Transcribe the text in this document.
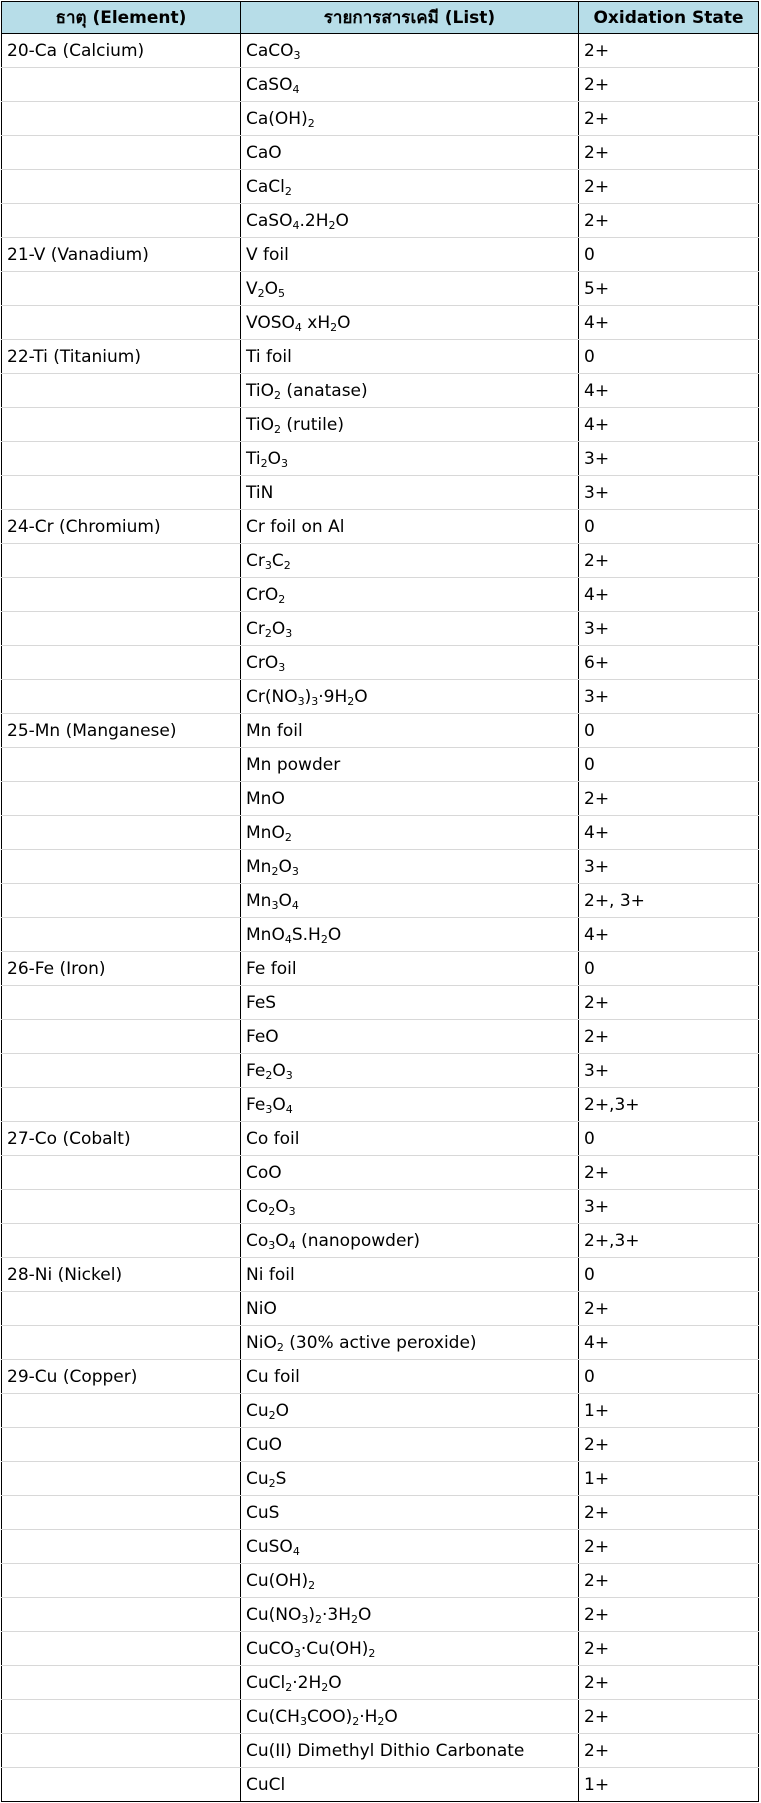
ธาตุ (Element)	รายการสารเคมี (List)	Oxidation State
20-Ca (Calcium)	CaCO$_3$	2+
	CaSO$_4$	2+
	$Ca(OH)_2$	2+
	CaO	2+
	CaCl$_2$	2+
	$CaSO_4.2H_2O$	2+
21-V (Vanadium)	V foil	0
	$V_2O_5$	5+
	$VOSO_4$ $xH_2O$	4+
22-Ti (Titanium)	Ti foil	0
	TiO$_2$ (anatase)	4+
	TiO$_2$ (rutile)	4+
	$Ti_2O_3$	3+
	TiN	3+
24-Cr (Chromium)	Cr foil on Al	0
	$Cr_3C_2$	2+
	CrO$_2$	4+
	$Cr_2O_3$	3+
	CrO$_3$	6+
	$Cr(NO_3)_3\cdot 9H_2O$	3+
25-Mn (Manganese)	Mn foil	0
	Mn powder	0
	MnO	2+
	MnO$_2$	4+
	$Mn_2O_3$	3+
	$Mn_3O_4$	2+, 3+
	$MnO_4S.H_2O$	4+
26-Fe (Iron)	Fe foil	0
	FeS	2+
	FeO	2+
	$Fe_2O_3$	3+
	$Fe_3O_4$	2+,3+
27-Co (Cobalt)	Co foil	0
	CoO	2+
	$Co_2O_3$	3+
	$Co_3O_4$ (nanopowder)	2+,3+
28-Ni (Nickel)	Ni foil	0
	NiO	2+
	NiO$_2$ (30% active peroxide)	4+
29-Cu (Copper)	Cu foil	0
	$Cu_2O$	1+
	CuO	2+
	$Cu_2S$	1+
	CuS	2+
	CuSO$_4$	2+
	$Cu(OH)_2$	2+
	$Cu(NO_3)_2\cdot 3H_2O$	2+
	$CuCO_3\cdot Cu(OH)_2$	2+
	$CuCl_2\cdot 2H_2O$	2+
	$Cu(CH_3COO)_2\cdot H_2O$	2+
	Cu(II) Dimethyl Dithio Carbonate	2+
	CuCl	1+
